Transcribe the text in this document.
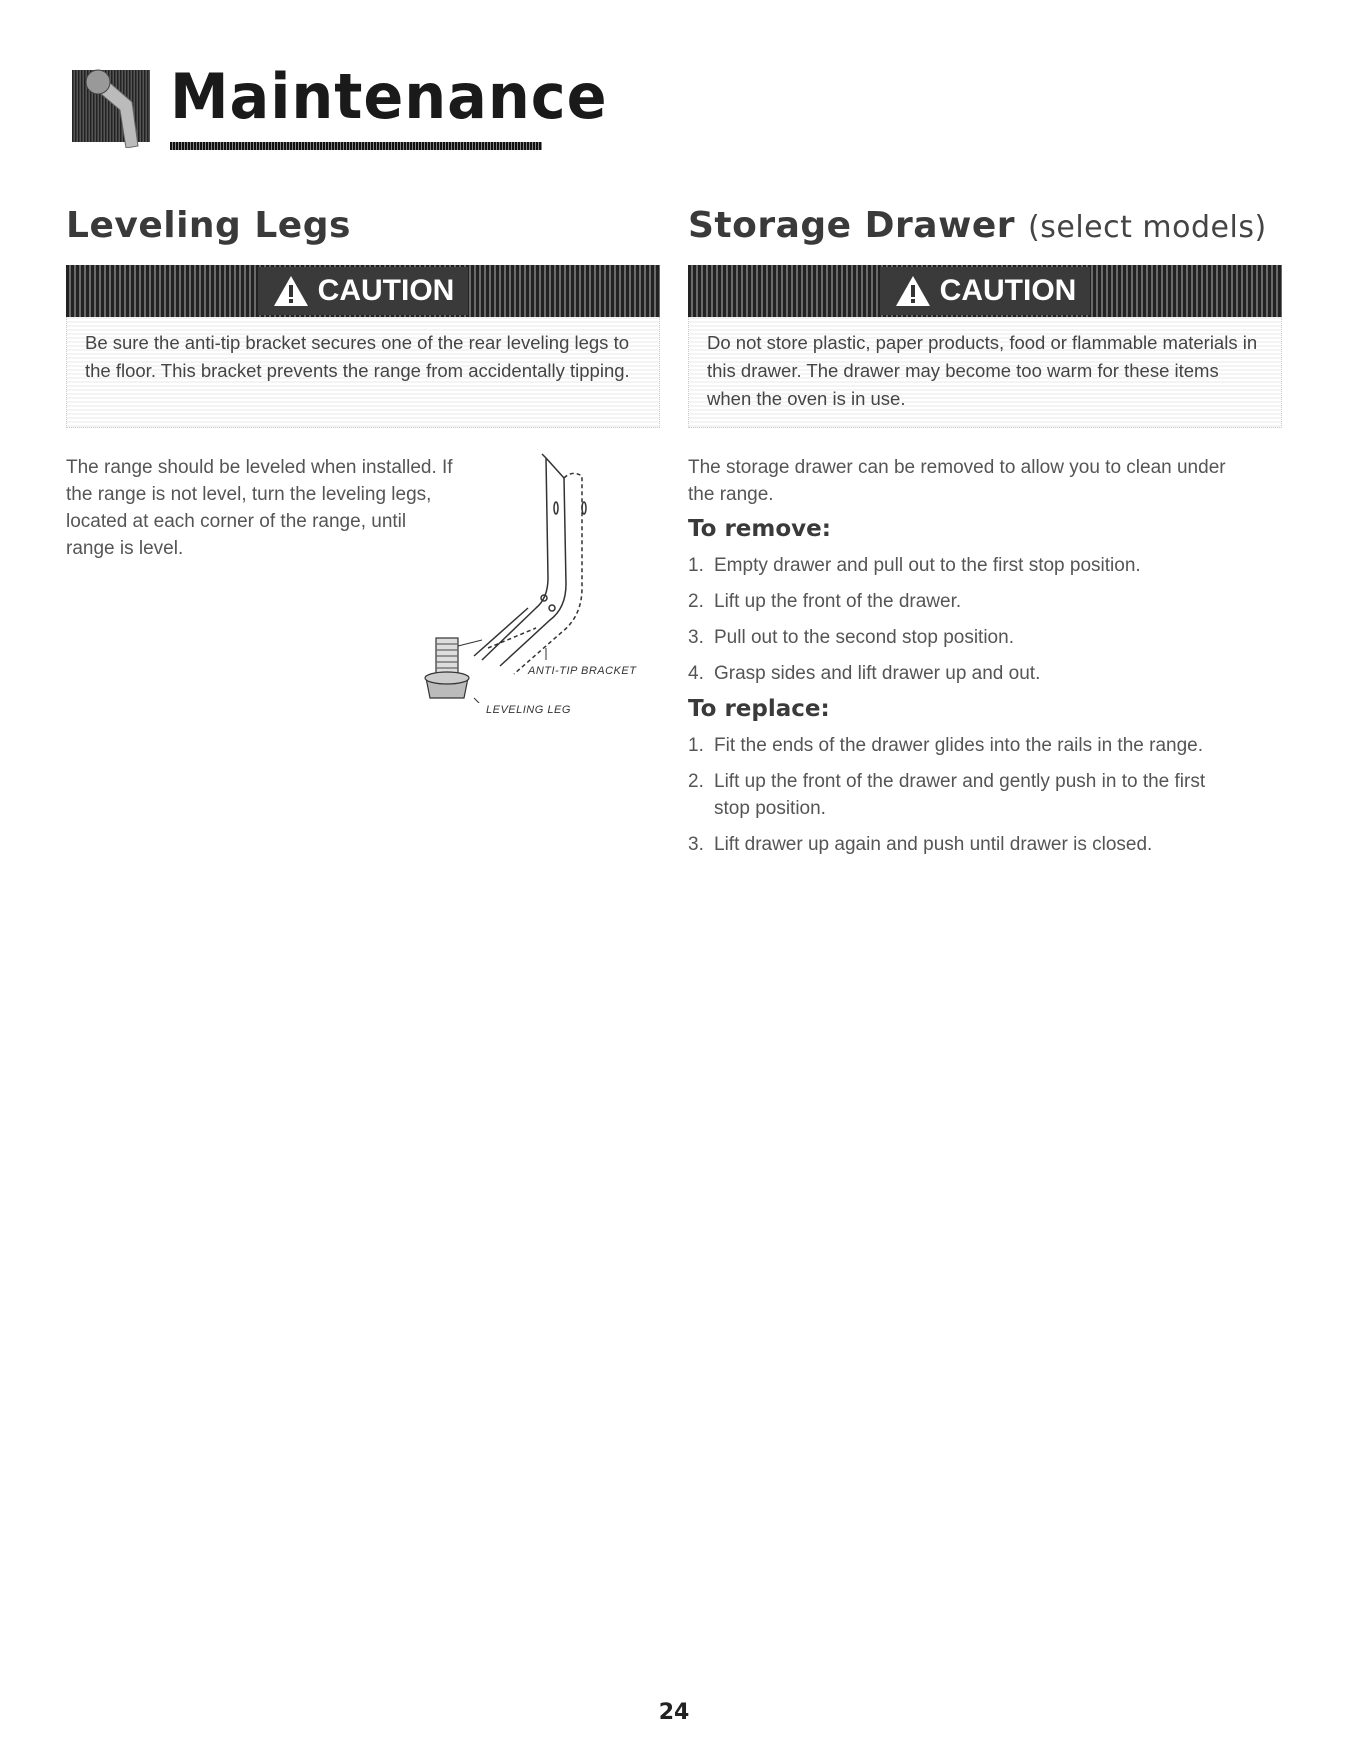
Maintenance
Leveling Legs
CAUTION
Be sure the anti-tip bracket secures one of the rear leveling legs to the floor. This bracket prevents the range from accidentally tipping.

The range should be leveled when installed. If

the range is not level, turn the leveling legs,

located at each corner of the range, until

range is level.

ANTI-TIP BRACKET
LEVELING LEG
Storage Drawer (select models)
CAUTION
Do not store plastic, paper products, food or flammable materials in this drawer. The drawer may become too warm for these items when the oven is in use.

The storage drawer can be removed to allow you to clean under the range.

To remove:
1. Empty drawer and pull out to the first stop position.
2. Lift up the front of the drawer.
3. Pull out to the second stop position.
4. Grasp sides and lift drawer up and out.
To replace:
1. Fit the ends of the drawer glides into the rails in the range.
2. Lift up the front of the drawer and gently push in to the first stop position.
3. Lift drawer up again and push until drawer is closed.
24
